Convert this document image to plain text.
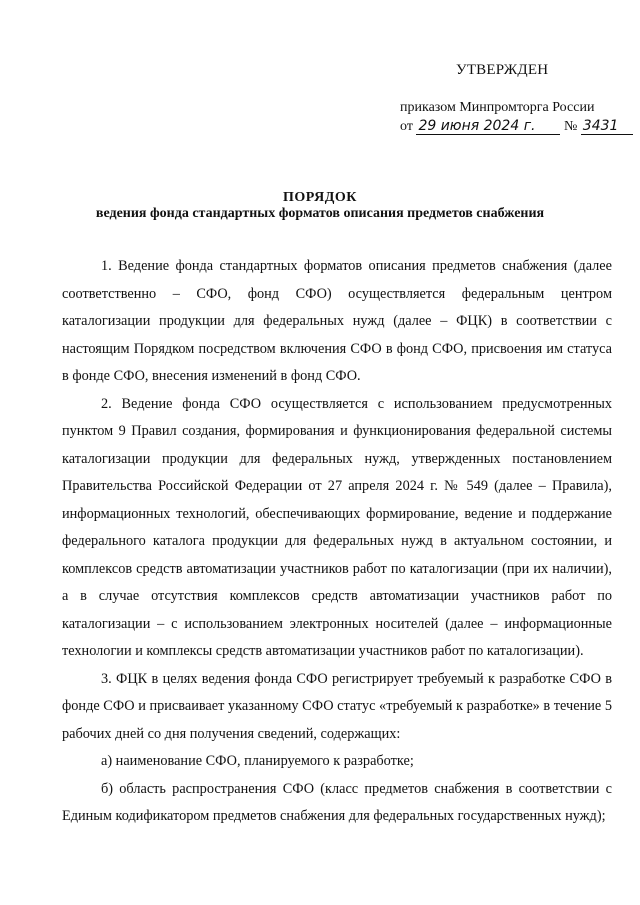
УТВЕРЖДЕН
приказом Минпромторга России
от 29 июня 2024 г. № 3431
ПОРЯДОК
ведения фонда стандартных форматов описания предметов снабжения

1. Ведение фонда стандартных форматов описания предметов снабжения (далее соответственно – СФО, фонд СФО) осуществляется федеральным центром каталогизации продукции для федеральных нужд (далее – ФЦК) в соответствии с настоящим Порядком посредством включения СФО в фонд СФО, присвоения им статуса в фонде СФО, внесения изменений в фонд СФО.

2. Ведение фонда СФО осуществляется с использованием предусмотренных пунктом 9 Правил создания, формирования и функционирования федеральной системы каталогизации продукции для федеральных нужд, утвержденных постановлением Правительства Российской Федерации от 27 апреля 2024 г. № 549 (далее – Правила), информационных технологий, обеспечивающих формирование, ведение и поддержание федерального каталога продукции для федеральных нужд в актуальном состоянии, и комплексов средств автоматизации участников работ по каталогизации (при их наличии), а в случае отсутствия комплексов средств автоматизации участников работ по каталогизации – с использованием электронных носителей (далее – информационные технологии и комплексы средств автоматизации участников работ по каталогизации).

3. ФЦК в целях ведения фонда СФО регистрирует требуемый к разработке СФО в фонде СФО и присваивает указанному СФО статус «требуемый к разработке» в течение 5 рабочих дней со дня получения сведений, содержащих:

а) наименование СФО, планируемого к разработке;

б) область распространения СФО (класс предметов снабжения в соответствии с Единым кодификатором предметов снабжения для федеральных государственных нужд);
